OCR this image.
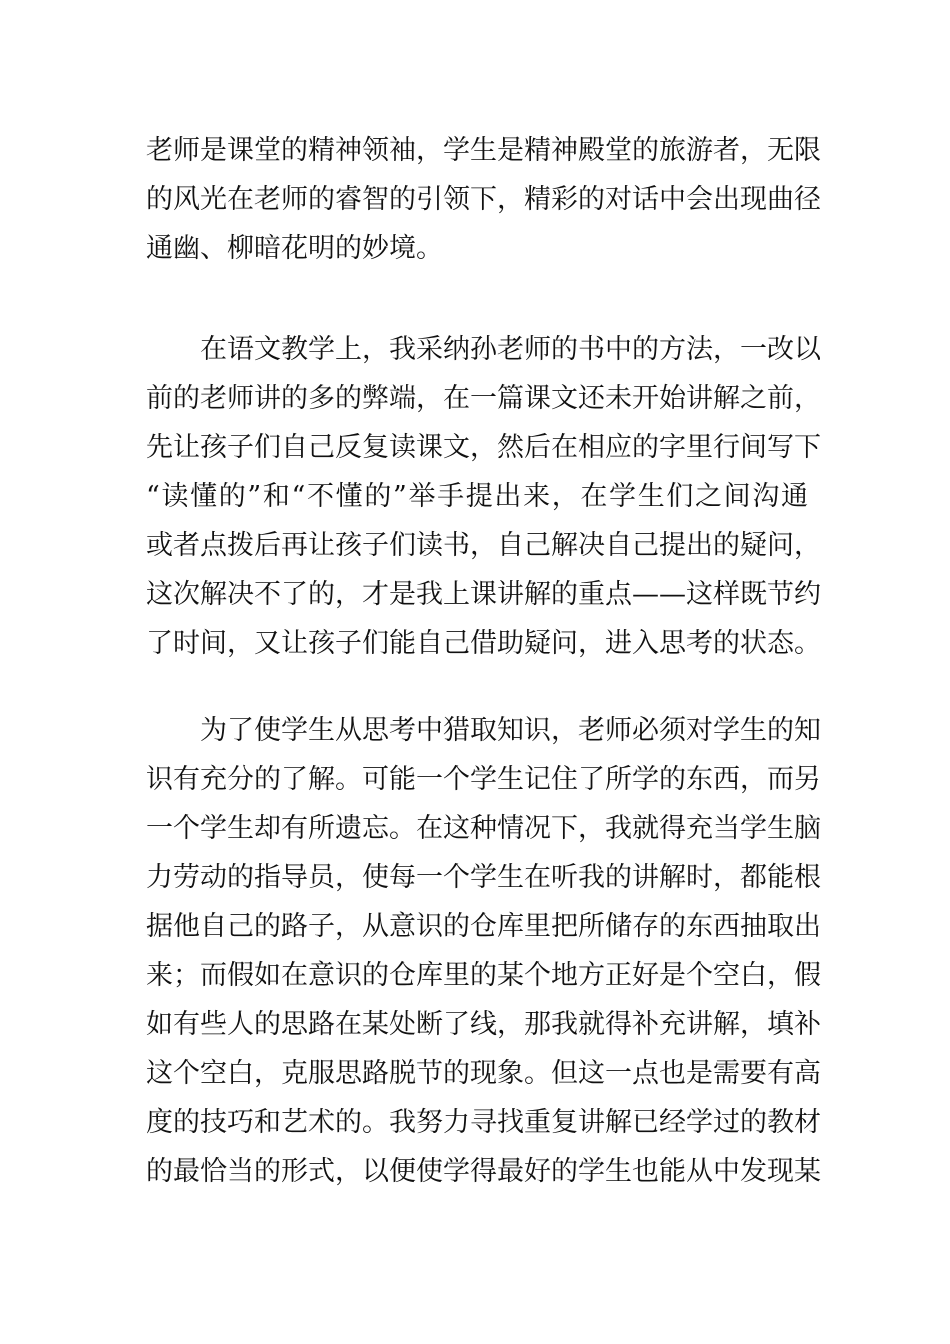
老师是课堂的精神领袖，学生是精神殿堂的旅游者，无限
的风光在老师的睿智的引领下，精彩的对话中会出现曲径
通幽、柳暗花明的妙境。

　　在语文教学上，我采纳孙老师的书中的方法，一改以
前的老师讲的多的弊端，在一篇课文还未开始讲解之前，
先让孩子们自己反复读课文，然后在相应的字里行间写下
“读懂的”和“不懂的”举手提出来，在学生们之间沟通
或者点拨后再让孩子们读书，自己解决自己提出的疑问，
这次解决不了的，才是我上课讲解的重点——这样既节约
了时间，又让孩子们能自己借助疑问，进入思考的状态。

　　为了使学生从思考中猎取知识，老师必须对学生的知
识有充分的了解。可能一个学生记住了所学的东西，而另
一个学生却有所遗忘。在这种情况下，我就得充当学生脑
力劳动的指导员，使每一个学生在听我的讲解时，都能根
据他自己的路子，从意识的仓库里把所储存的东西抽取出
来；而假如在意识的仓库里的某个地方正好是个空白，假
如有些人的思路在某处断了线，那我就得补充讲解，填补
这个空白，克服思路脱节的现象。但这一点也是需要有高
度的技巧和艺术的。我努力寻找重复讲解已经学过的教材
的最恰当的形式，以便使学得最好的学生也能从中发现某
